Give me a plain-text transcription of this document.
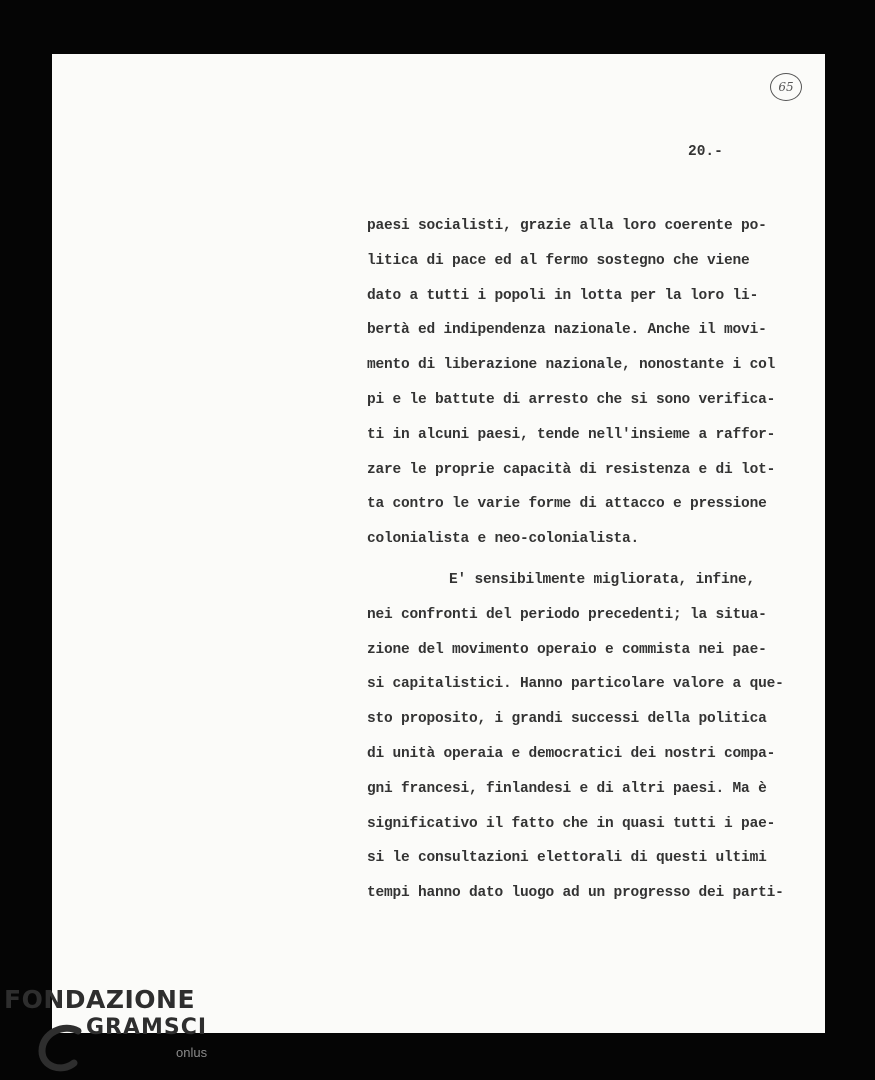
65
20.-
paesi socialisti, grazie alla loro coerente po-
litica di pace ed al fermo sostegno che viene
dato a tutti i popoli in lotta per la loro li-
bertà ed indipendenza nazionale. Anche il movi-
mento di liberazione nazionale, nonostante i col
pi e le battute di arresto che si sono verifica-
ti in alcuni paesi, tende nell'insieme a raffor-
zare le proprie capacità di resistenza e di lot-
ta contro le varie forme di attacco e pressione
colonialista e neo-colonialista.
E' sensibilmente migliorata, infine,
nei confronti del periodo precedenti; la situa-
zione del movimento operaio e commista nei pae-
si capitalistici. Hanno particolare valore a que-
sto proposito, i grandi successi della politica
di unità operaia e democratici dei nostri compa-
gni francesi, finlandesi e di altri paesi. Ma è
significativo il fatto che in quasi tutti i pae-
si le consultazioni elettorali di questi ultimi
tempi hanno dato luogo ad un progresso dei parti-
FONDAZIONE
GRAMSCI
onlus
